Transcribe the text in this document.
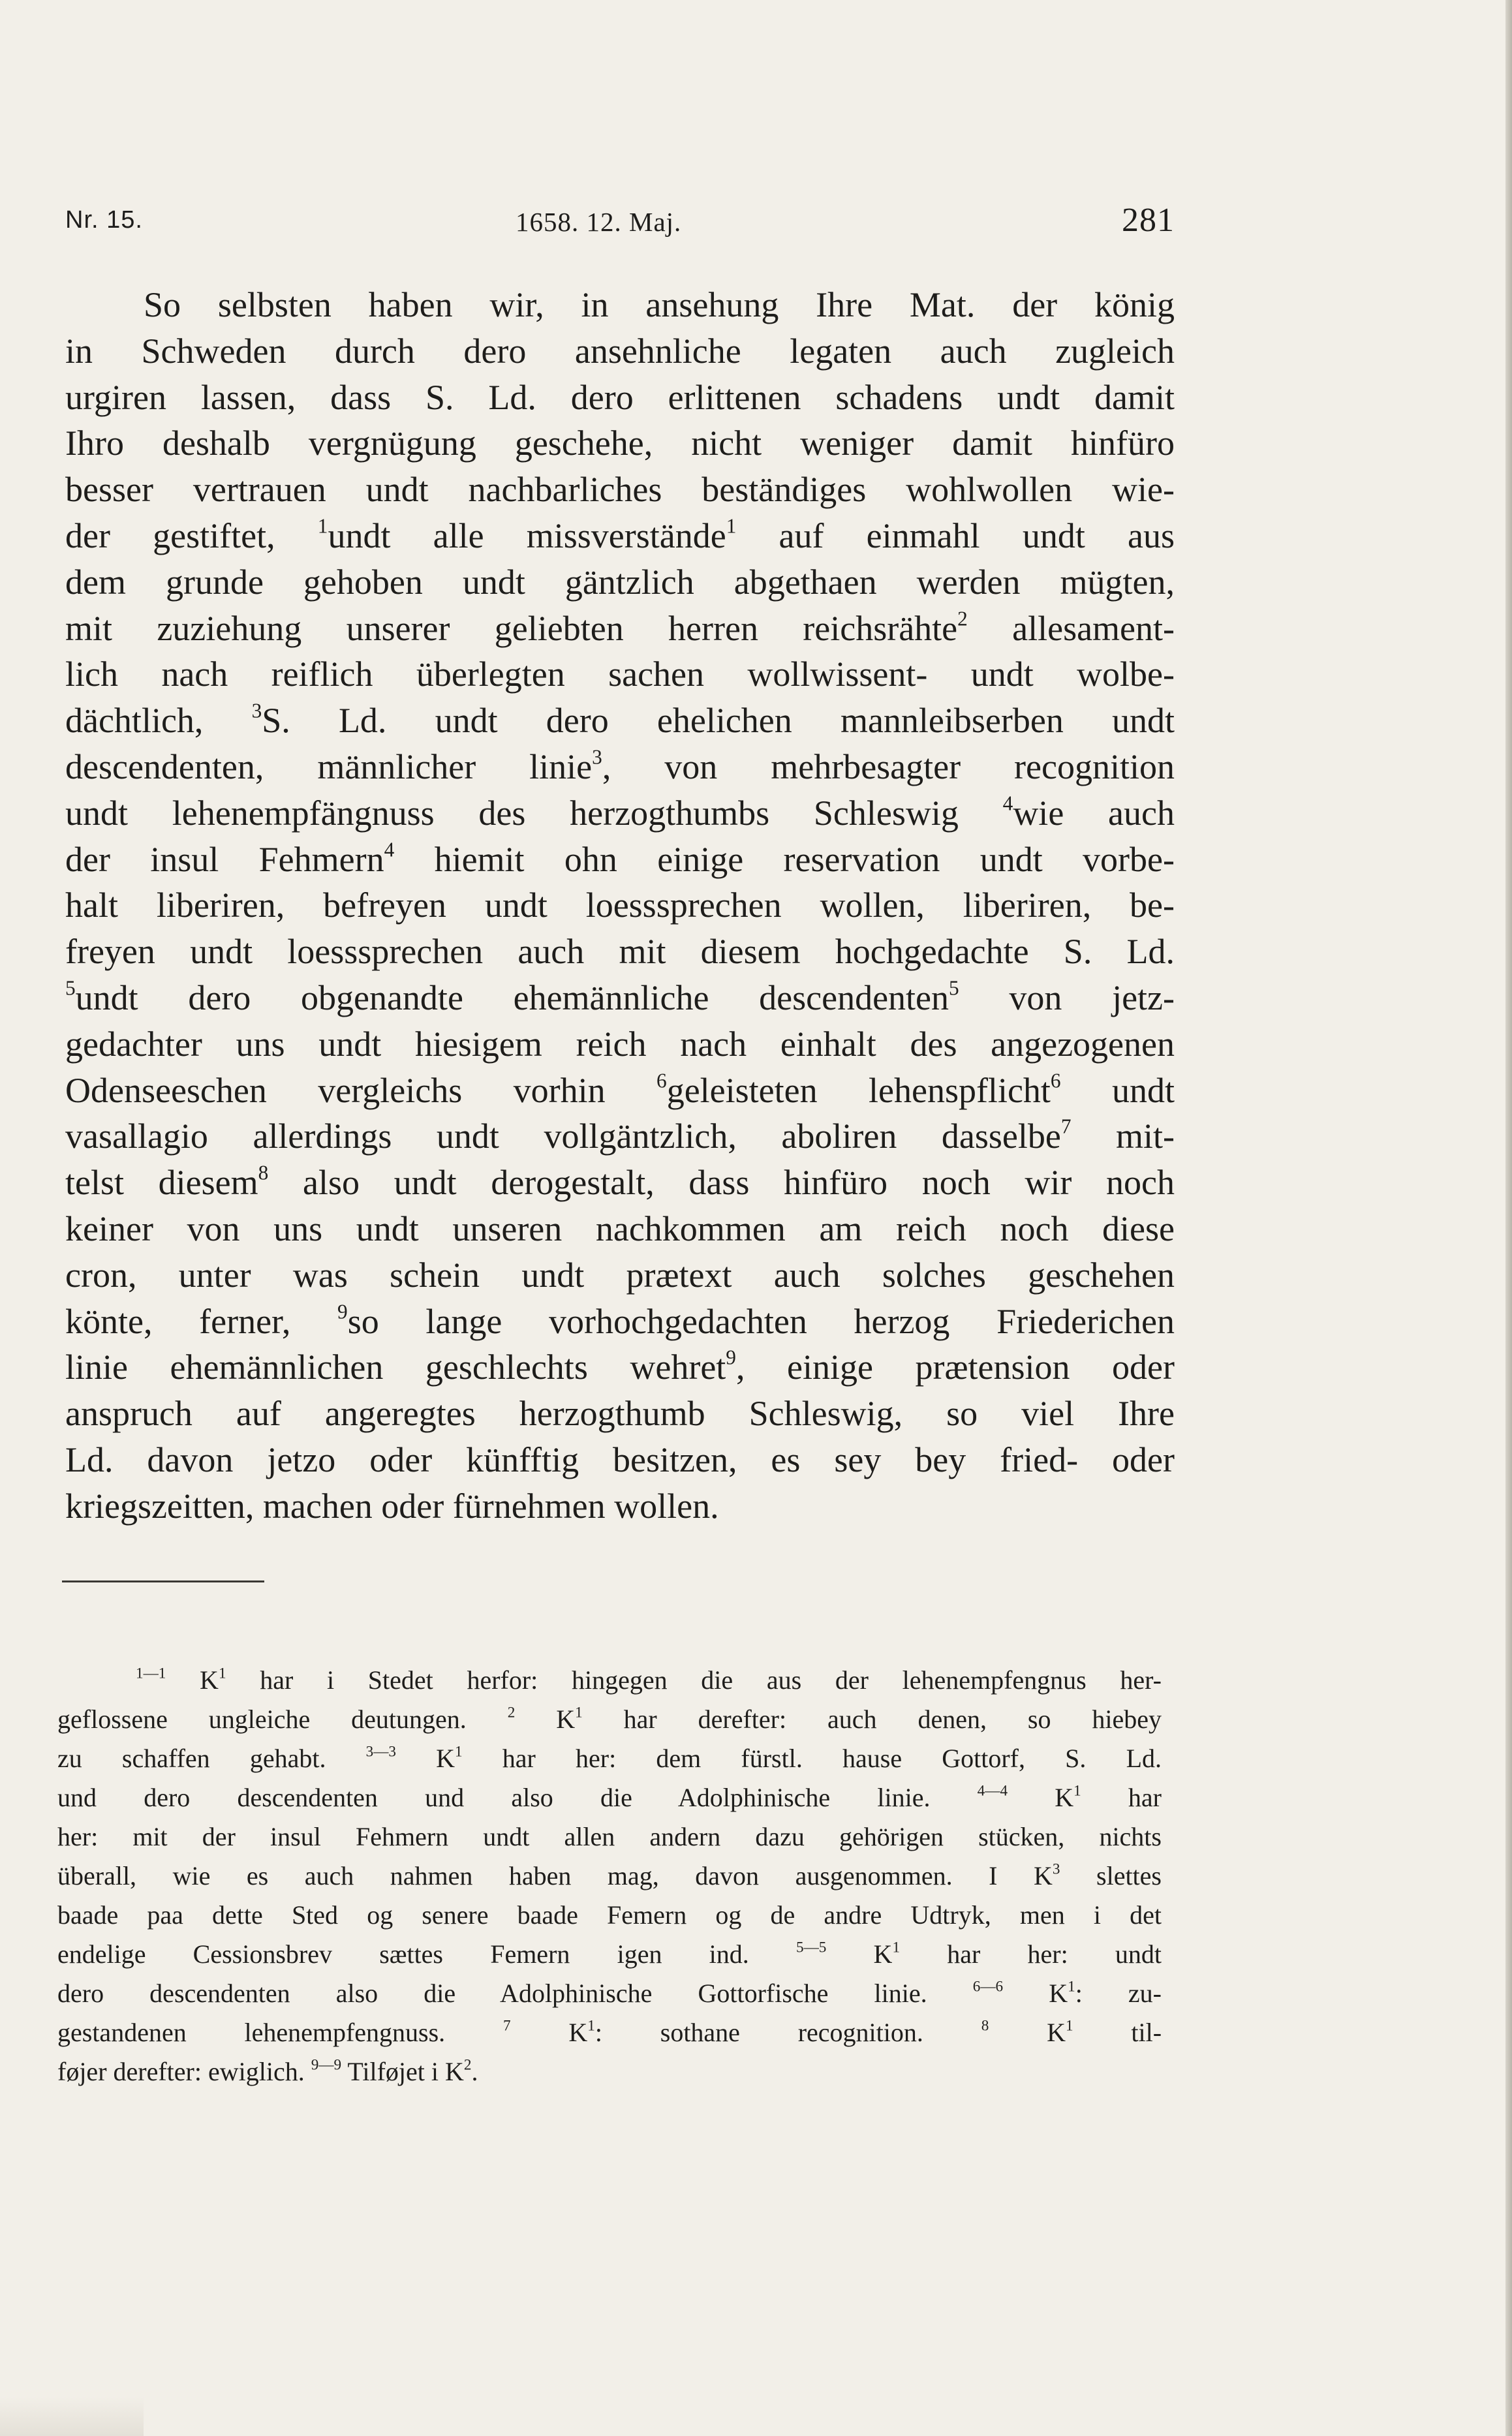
Nr. 15.	1658. 12. Maj.	281
So selbsten haben wir, in ansehung Ihre Mat. der könig
in Schweden durch dero ansehnliche legaten auch zugleich
urgiren lassen, dass S. Ld. dero erlittenen schadens undt damit
Ihro deshalb vergnügung geschehe, nicht weniger damit hinfüro
besser vertrauen undt nachbarliches beständiges wohlwollen wie-
der gestiftet, $^1$undt alle missverständе$^1$ auf einmahl undt aus
dem grunde gehoben undt gäntzlich abgethaen werden mügten,
mit zuziehung unserer geliebten herren reichsrähte$^2$ allesament-
lich nach reiflich überlegten sachen wollwissent- undt wolbe-
dächtlich, $^3$S. Ld. undt dero ehelichen mannleibserben undt
descendenten, männlicher linie$^3$, von mehrbesagter recognition
undt lehenempfängnuss des herzogthumbs Schleswig $^4$wie auch
der insul Fehmern$^4$ hiemit ohn einige reservation undt vorbe-
halt liberiren, befreyen undt loesssprechen wollen, liberiren, be-
freyen undt loesssprechen auch mit diesem hochgedachte S. Ld.
$^5$undt dero obgenandte ehemännliche descendenten$^5$ von jetz-
gedachter uns undt hiesigem reich nach einhalt des angezogenen
Odenseeschen vergleichs vorhin $^6$geleisteten lehenspflicht$^6$ undt
vasallagio allerdings undt vollgäntzlich, aboliren dasselbe$^7$ mit-
telst diesem$^8$ also undt derogestalt, dass hinfüro noch wir noch
keiner von uns undt unseren nachkommen am reich noch diese
cron, unter was schein undt prætext auch solches geschehen
könte, ferner, $^9$so lange vorhochgedachten herzog Friederichen
linie ehemännlichen geschlechts wehret$^9$, einige prætension oder
anspruch auf angeregtes herzogthumb Schleswig, so viel Ihre
Ld. davon jetzo oder künfftig besitzen, es sey bey fried- oder
kriegszeitten, machen oder fürnehmen wollen.
$^{1—1}$ $K^1$ har i Stedet herfor: hingegen die aus der lehenempfengnus her-
geflossene ungleiche deutungen. $^2$ $K^1$ har derefter: auch denen, so hiebey
zu schaffen gehabt. $^{3—3}$ $K^1$ har her: dem fürstl. hause Gottorf, S. Ld.
und dero descendenten und also die Adolphinische linie. $^{4—4}$ $K^1$ har
her: mit der insul Fehmern undt allen andern dazu gehörigen stücken, nichts
überall, wie es auch nahmen haben mag, davon ausgenommen. I $K^3$ slettes
baade paa dette Sted og senere baade Femern og de andre Udtryk, men i det
endelige Cessionsbrev sættes Femern igen ind. $^{5—5}$ $K^1$ har her: undt
dero descendenten also die Adolphinische Gottorfische linie. $^{6—6}$ $K^1$: zu-
gestandenen lehenempfengnuss. $^7$ $K^1$: sothane recognition. $^8$ $K^1$ til-
føjer derefter: ewiglich. $^{9—9}$ Tilføjet i $K^2$.
